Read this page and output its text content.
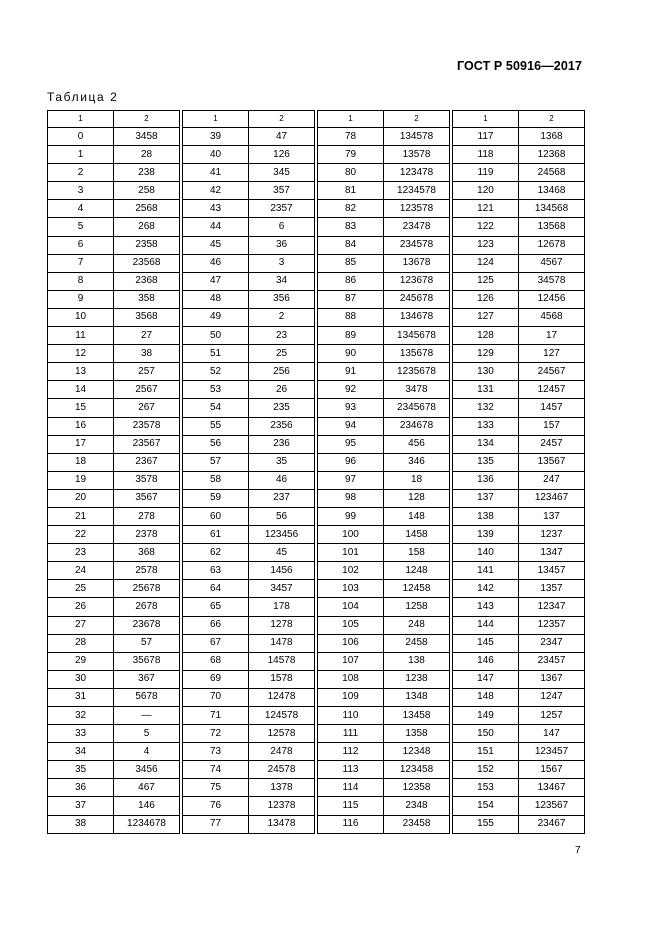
ГОСТ Р 50916—2017
Таблица 2
1	2
0	3458
1	28
2	238
3	258
4	2568
5	268
6	2358
7	23568
8	2368
9	358
10	3568
11	27
12	38
13	257
14	2567
15	267
16	23578
17	23567
18	2367
19	3578
20	3567
21	278
22	2378
23	368
24	2578
25	25678
26	2678
27	23678
28	57
29	35678
30	367
31	5678
32	—
33	5
34	4
35	3456
36	467
37	146
38	1234678
1	2
39	47
40	126
41	345
42	357
43	2357
44	6
45	36
46	3
47	34
48	356
49	2
50	23
51	25
52	256
53	26
54	235
55	2356
56	236
57	35
58	46
59	237
60	56
61	123456
62	45
63	1456
64	3457
65	178
66	1278
67	1478
68	14578
69	1578
70	12478
71	124578
72	12578
73	2478
74	24578
75	1378
76	12378
77	13478
1	2
78	134578
79	13578
80	123478
81	1234578
82	123578
83	23478
84	234578
85	13678
86	123678
87	245678
88	134678
89	1345678
90	135678
91	1235678
92	3478
93	2345678
94	234678
95	456
96	346
97	18
98	128
99	148
100	1458
101	158
102	1248
103	12458
104	1258
105	248
106	2458
107	138
108	1238
109	1348
110	13458
111	1358
112	12348
113	123458
114	12358
115	2348
116	23458
1	2
117	1368
118	12368
119	24568
120	13468
121	134568
122	13568
123	12678
124	4567
125	34578
126	12456
127	4568
128	17
129	127
130	24567
131	12457
132	1457
133	157
134	2457
135	13567
136	247
137	123467
138	137
139	1237
140	1347
141	13457
142	1357
143	12347
144	12357
145	2347
146	23457
147	1367
148	1247
149	1257
150	147
151	123457
152	1567
153	13467
154	123567
155	23467
7
